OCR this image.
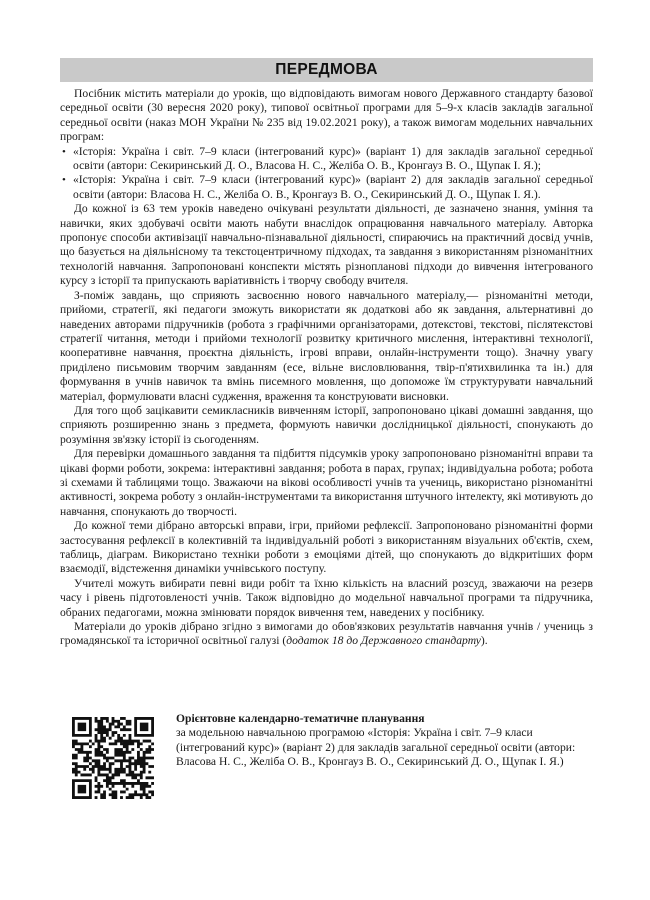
ПЕРЕДМОВА

Посібник містить матеріали до уроків, що відповідають вимогам нового Державного стандарту базової середньої освіти (30 вересня 2020 року), типової освітньої програми для 5–9-х класів закладів загальної середньої освіти (наказ МОН України № 235 від 19.02.2021 року), а також вимогам модельних навчальних програм:

• «Історія: Україна і світ. 7–9 класи (інтегрований курс)» (варіант 1) для закладів загальної середньої освіти (автори: Секиринський Д. О., Власова Н. С., Желіба О. В., Кронгауз В. О., Щупак І. Я.);
• «Історія: Україна і світ. 7–9 класи (інтегрований курс)» (варіант 2) для закладів загальної середньої освіти (автори: Власова Н. С., Желіба О. В., Кронгауз В. О., Секиринський Д. О., Щупак І. Я.).

До кожної із 63 тем уроків наведено очікувані результати діяльності, де зазначено знання, уміння та навички, яких здобувачі освіти мають набути внаслідок опрацювання навчального матеріалу. Авторка пропонує способи активізації навчально-пізнавальної діяльності, спираючись на практичний досвід учнів, що базується на діяльнісному та текстоцентричному підходах, та завдання з використанням різноманітних технологій навчання. Запропоновані конспекти містять різнопланові підходи до вивчення інтегрованого курсу з історії та припускають варіативність і творчу свободу вчителя.

З-поміж завдань, що сприяють засвоєнню нового навчального матеріалу,— різноманітні методи, прийоми, стратегії, які педагоги зможуть використати як додаткові або як завдання, альтернативні до наведених авторами підручників (робота з графічними організаторами, дотекстові, текстові, післятекстові стратегії читання, методи і прийоми технології розвитку критичного мислення, інтерактивні технології, кооперативне навчання, проєктна діяльність, ігрові вправи, онлайн-інструменти тощо). Значну увагу приділено письмовим творчим завданням (есе, вільне висловлювання, твір-п'ятихвилинка та ін.) для формування в учнів навичок та вмінь писемного мовлення, що допоможе їм структурувати навчальний матеріал, формулювати власні судження, враження та конструювати висновки.

Для того щоб зацікавити семикласників вивченням історії, запропоновано цікаві домашні завдання, що сприяють розширенню знань з предмета, формують навички дослідницької діяльності, спонукають до розуміння зв'язку історії із сьогоденням.

Для перевірки домашнього завдання та підбиття підсумків уроку запропоновано різноманітні вправи та цікаві форми роботи, зокрема: інтерактивні завдання; робота в парах, групах; індивідуальна робота; робота зі схемами й таблицями тощо. Зважаючи на вікові особливості учнів та учениць, використано різноманітні активності, зокрема роботу з онлайн-інструментами та використання штучного інтелекту, які мотивують до навчання, спонукають до творчості.

До кожної теми дібрано авторські вправи, ігри, прийоми рефлексії. Запропоновано різноманітні форми застосування рефлексії в колективній та індивідуальній роботі з використанням візуальних об'єктів, схем, таблиць, діаграм. Використано техніки роботи з емоціями дітей, що спонукають до відкритіших форм взаємодії, відстеження динаміки учнівського поступу.

Учителі можуть вибирати певні види робіт та їхню кількість на власний розсуд, зважаючи на резерв часу і рівень підготовленості учнів. Також відповідно до модельної навчальної програми та підручника, обраних педагогами, можна змінювати порядок вивчення тем, наведених у посібнику.

Матеріали до уроків дібрано згідно з вимогами до обов'язкових результатів навчання учнів / учениць з громадянської та історичної освітньої галузі (додаток 18 до Державного стандарту).

Орієнтовне календарно-тематичне планування
за модельною навчальною програмою «Історія: Україна і світ. 7–9 класи (інтегрований курс)» (варіант 2) для закладів загальної середньої освіти (автори: Власова Н. С., Желіба О. В., Кронгауз В. О., Секиринський Д. О., Щупак І. Я.)
